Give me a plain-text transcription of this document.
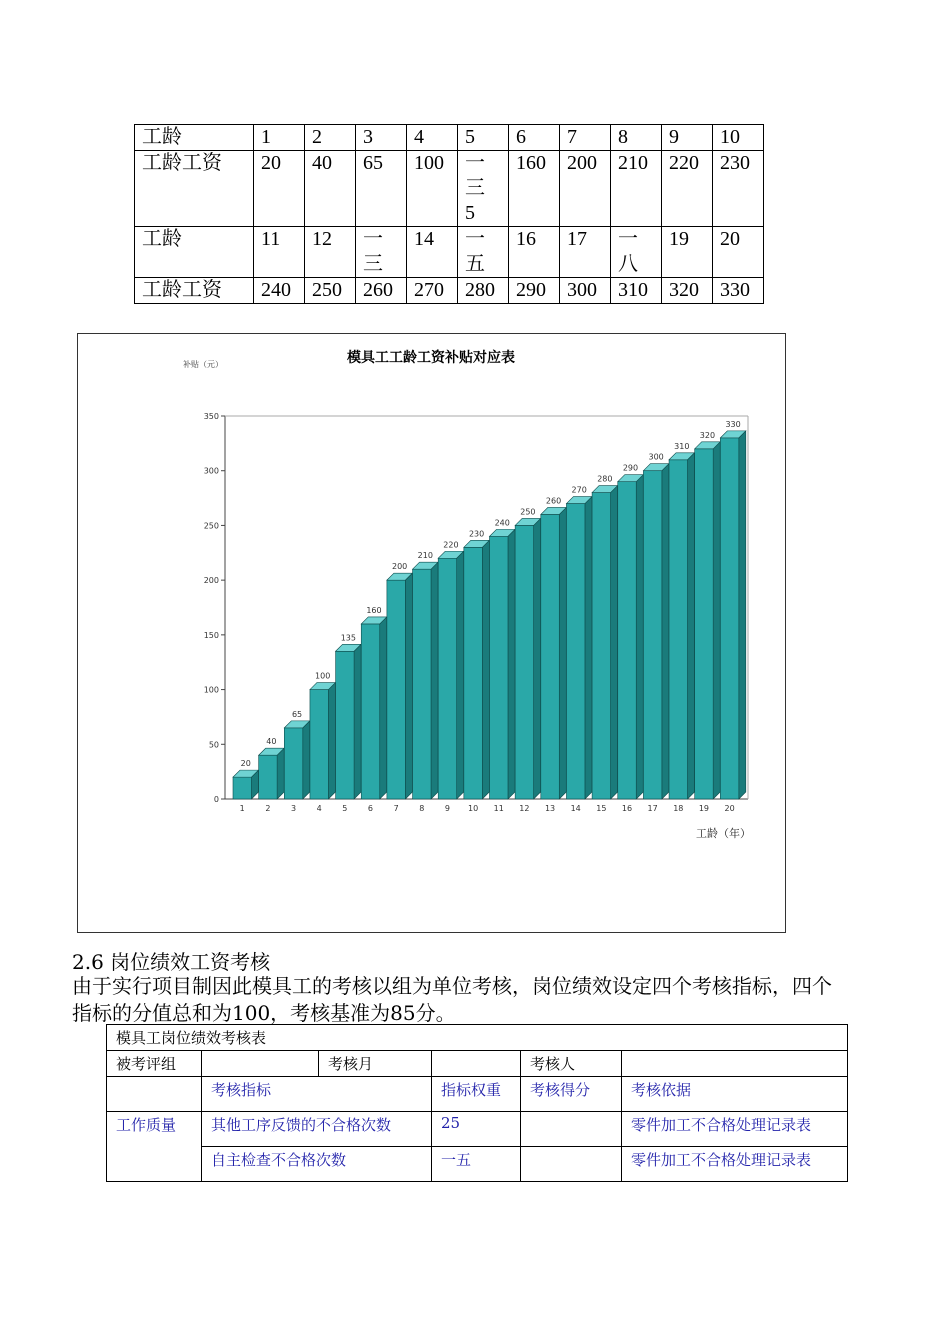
工龄	1	2	3	4	5	6	7	8	9	10
工龄工资	20	40	65	100	一三5	160	200	210	220	230
工龄	11	12	一三	14	一五	16	17	一八	19	20
工龄工资	240	250	260	270	280	290	300	310	320	330
模具工工龄工资补贴对应表
补贴（元）
工龄（年）
0
50
100
150
200
250
300
350
20
1
40
2
65
3
100
4
135
5
160
6
200
7
210
8
220
9
230
10
240
11
250
12
260
13
270
14
280
15
290
16
300
17
310
18
320
19
330
20
2.6 岗位绩效工资考核
由于实行项目制因此模具工的考核以组为单位考核，岗位绩效设定四个考核指标，四个指标的分值总和为100，考核基准为85分。
模具工岗位绩效考核表					
被考评组		考核月		考核人	
	考核指标		指标权重	考核得分	考核依据
工作质量	其他工序反馈的不合格次数		25		零件加工不合格处理记录表
	自主检查不合格次数		一五		零件加工不合格处理记录表
